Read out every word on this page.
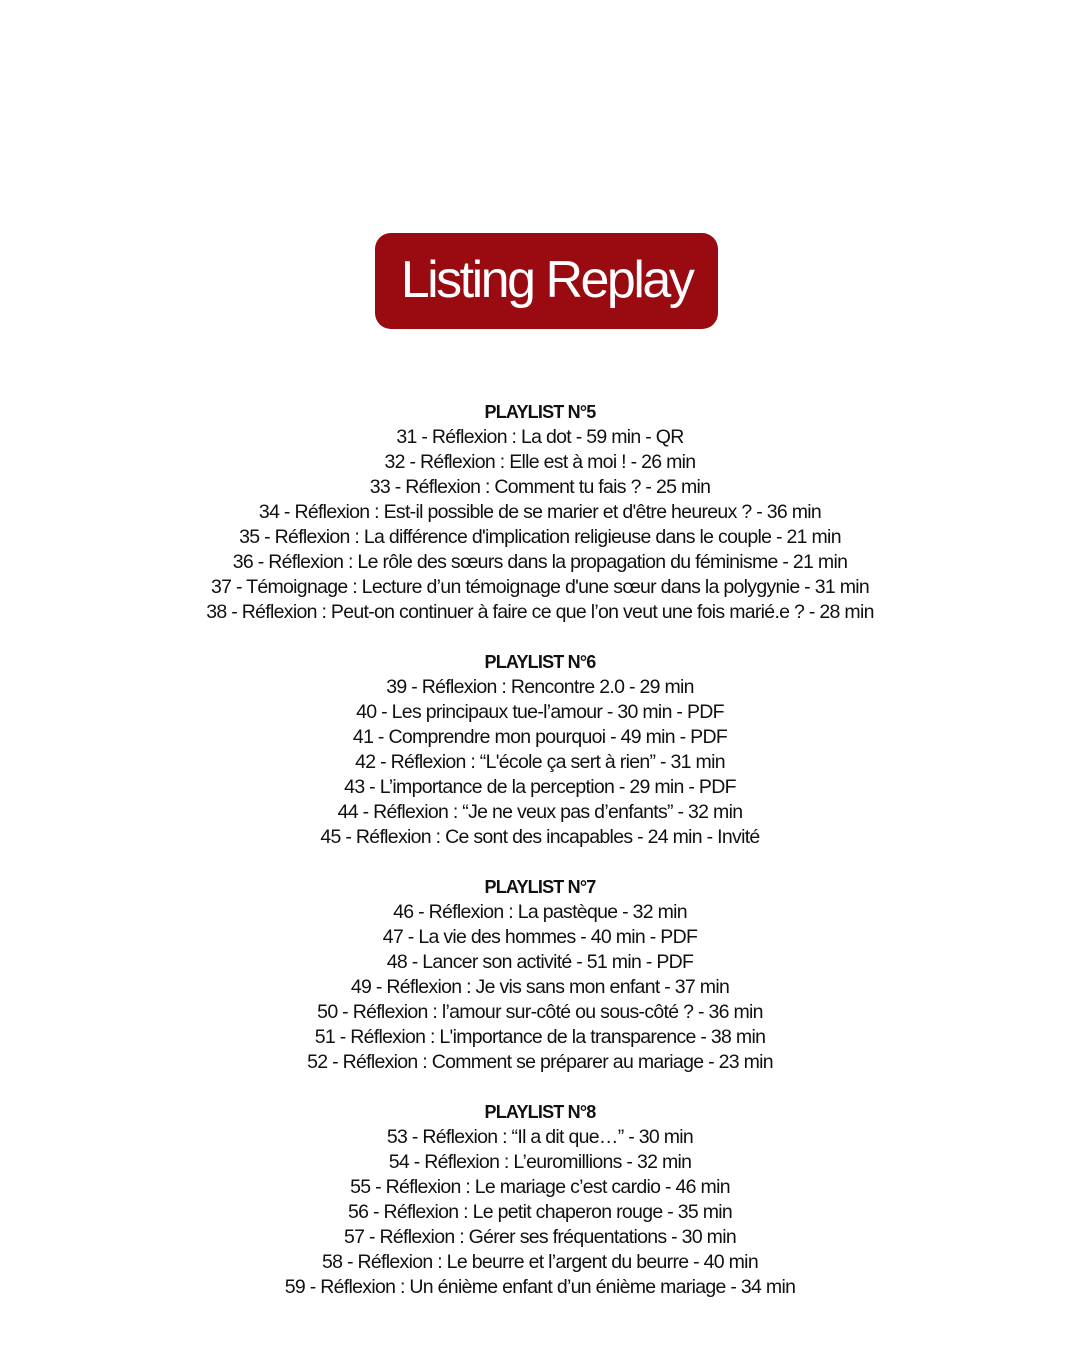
Listing Replay
PLAYLIST N°5
31 - Réflexion : La dot - 59 min - QR
32 - Réflexion : Elle est à moi ! - 26 min
33 - Réflexion : Comment tu fais ? - 25 min
34 - Réflexion : Est-il possible de se marier et d'être heureux ? - 36 min
35 - Réflexion : La différence d'implication religieuse dans le couple - 21 min
36 - Réflexion : Le rôle des sœurs dans la propagation du féminisme - 21 min
37 - Témoignage : Lecture d’un témoignage d'une sœur dans la polygynie - 31 min
38 - Réflexion : Peut-on continuer à faire ce que l’on veut une fois marié.e ? - 28 min
PLAYLIST N°6
39 - Réflexion : Rencontre 2.0 - 29 min
40 - Les principaux tue-l’amour - 30 min - PDF
41 - Comprendre mon pourquoi - 49 min - PDF
42 - Réflexion : “L'école ça sert à rien” - 31 min
43 - L’importance de la perception - 29 min - PDF
44 - Réflexion : “Je ne veux pas d’enfants” - 32 min
45 - Réflexion : Ce sont des incapables - 24 min - Invité
PLAYLIST N°7
46 - Réflexion : La pastèque - 32 min
47 - La vie des hommes - 40 min - PDF
48 - Lancer son activité - 51 min - PDF
49 - Réflexion : Je vis sans mon enfant - 37 min
50 - Réflexion : l’amour sur-côté ou sous-côté ? - 36 min
51 - Réflexion : L'importance de la transparence - 38 min
52 - Réflexion : Comment se préparer au mariage - 23 min
PLAYLIST N°8
53 - Réflexion : “Il a dit que…” - 30 min
54 - Réflexion : L’euromillions - 32 min
55 - Réflexion : Le mariage c’est cardio - 46 min
56 - Réflexion : Le petit chaperon rouge - 35 min
57 - Réflexion : Gérer ses fréquentations - 30 min
58 - Réflexion : Le beurre et l’argent du beurre - 40 min
59 - Réflexion : Un énième enfant d’un énième mariage - 34 min
